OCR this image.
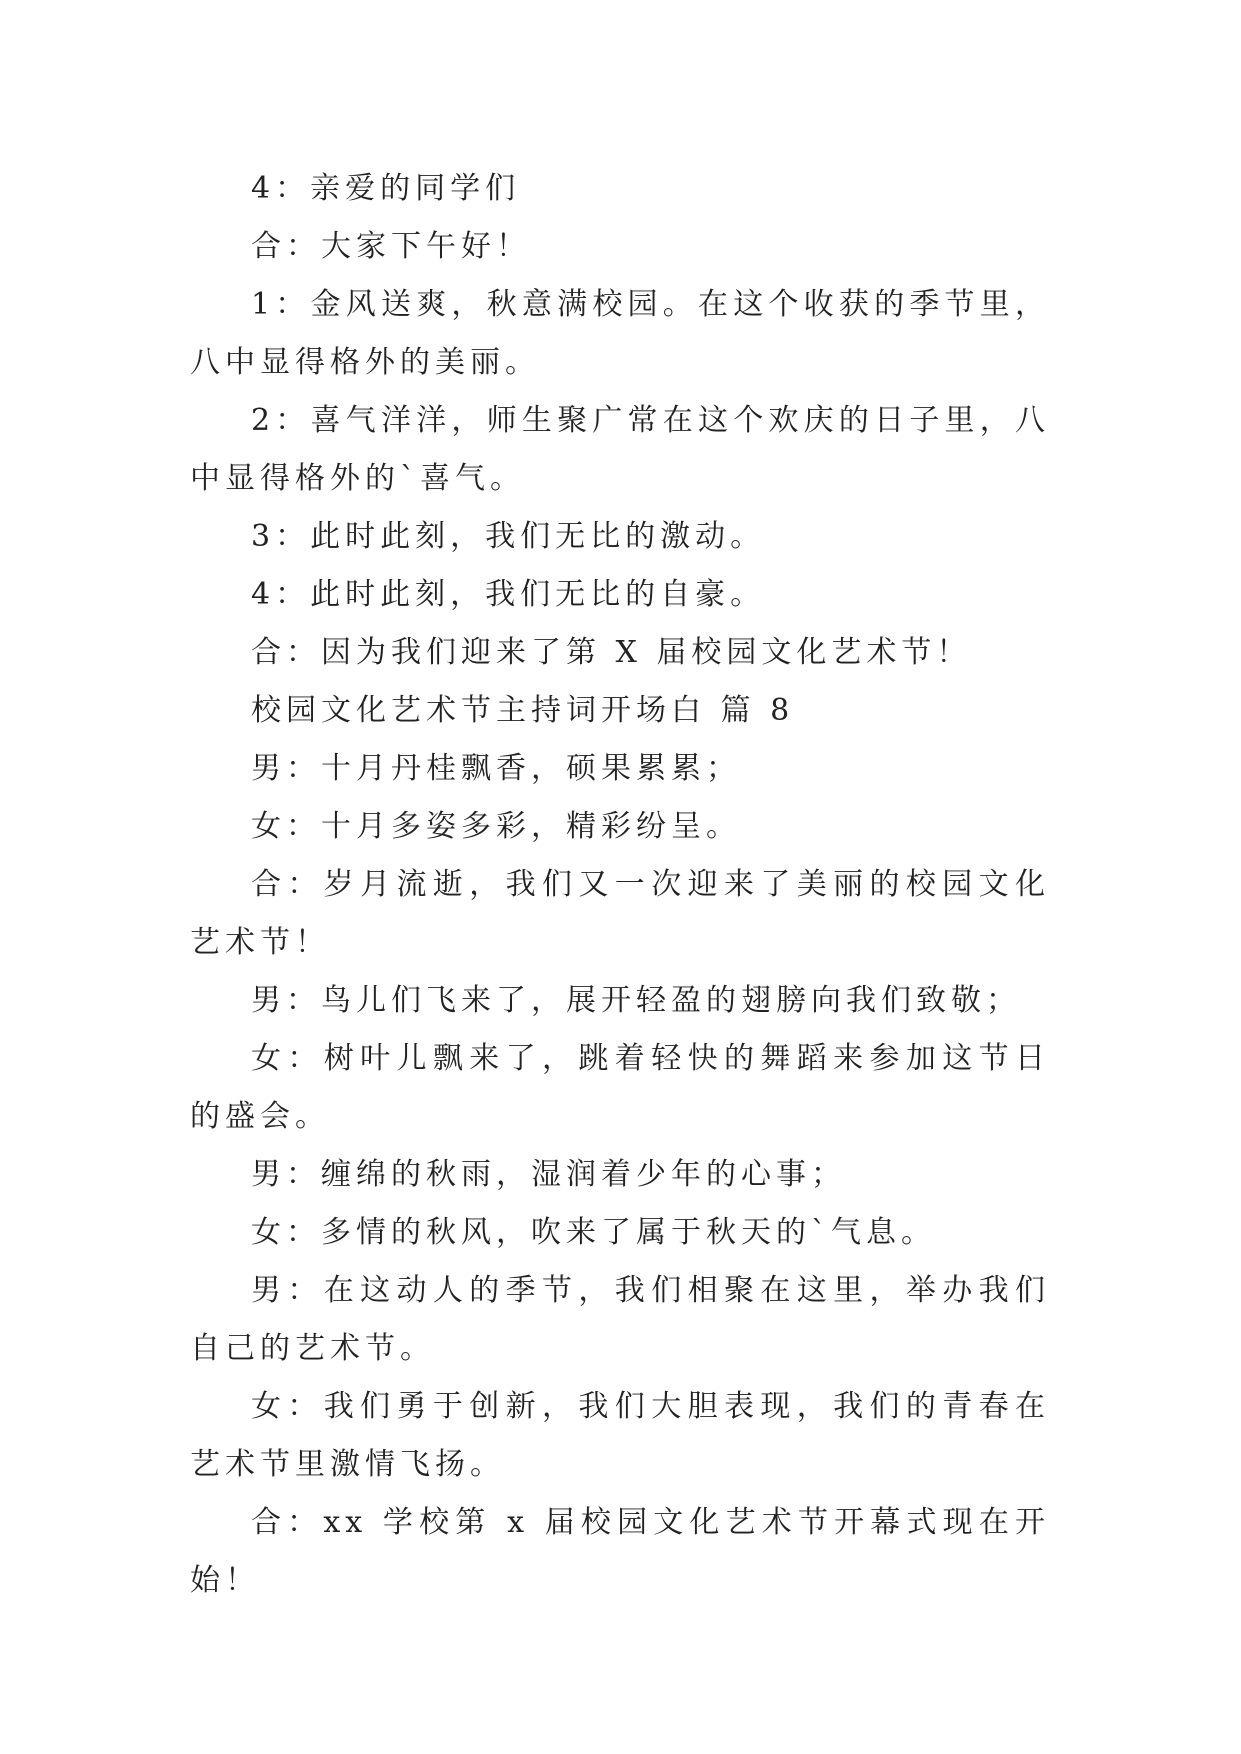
4：亲爱的同学们

合：大家下午好！

1：金风送爽，秋意满校园。在这个收获的季节里，八中显得格外的美丽。

2：喜气洋洋，师生聚广常在这个欢庆的日子里，八中显得格外的`喜气。

3：此时此刻，我们无比的激动。

4：此时此刻，我们无比的自豪。

合：因为我们迎来了第 X 届校园文化艺术节！

校园文化艺术节主持词开场白 篇 8

男：十月丹桂飘香，硕果累累；

女：十月多姿多彩，精彩纷呈。

合：岁月流逝，我们又一次迎来了美丽的校园文化艺术节！

男：鸟儿们飞来了，展开轻盈的翅膀向我们致敬；

女：树叶儿飘来了，跳着轻快的舞蹈来参加这节日的盛会。

男：缠绵的秋雨，湿润着少年的心事；

女：多情的秋风，吹来了属于秋天的`气息。

男：在这动人的季节，我们相聚在这里，举办我们自己的艺术节。

女：我们勇于创新，我们大胆表现，我们的青春在艺术节里激情飞扬。

合：xx 学校第 x 届校园文化艺术节开幕式现在开始！
